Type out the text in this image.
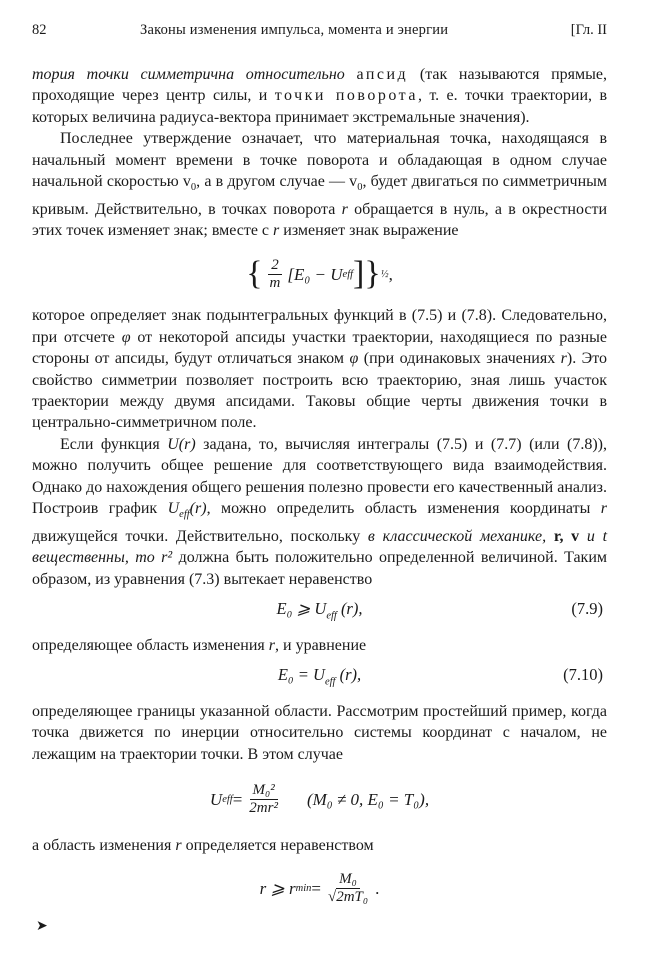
82	Законы изменения импульса, момента и энергии	[Гл. II

тория точки симметрична относительно апсид (так называются прямые, проходящие через центр силы, и точки поворота, т. е. точки траектории, в которых величина радиуса-вектора принимает экстремальные значения).

Последнее утверждение означает, что материальная точка, находящаяся в начальный момент времени в точке поворота и обладающая в одном случае начальной скоростью $v_0$, а в другом случае — $v_0$, будет двигаться по симметричным кривым. Действительно, в точках поворота r обращается в нуль, а в окрестности этих точек изменяет знак; вместе с r изменяет знак выражение

{ $\frac{2}{m} [E_0 - U$ eff ]} ½ ,

которое определяет знак подынтегральных функций в (7.5) и (7.8). Следовательно, при отсчете φ от некоторой апсиды участки траектории, находящиеся по разные стороны от апсиды, будут отличаться знаком φ (при одинаковых значениях r). Это свойство симметрии позволяет построить всю траекторию, зная лишь участок траектории между двумя апсидами. Таковы общие черты движения точки в центрально-симметричном поле.

Если функция U(r) задана, то, вычисляя интегралы (7.5) и (7.7) (или (7.8)), можно получить общее решение для соответствующего вида взаимодействия. Однако до нахождения общего решения полезно провести его качественный анализ. Построив график $U_{eff}(r)$, можно определить область изменения координаты r движущейся точки. Действительно, поскольку в классической механике, r, v и t вещественны, то r² должна быть положительно определенной величиной. Таким образом, из уравнения (7.3) вытекает неравенство

E₀ ⩾ $U_{eff}$ (r),	(7.9)

определяющее область изменения r, и уравнение

$E_0 = U_{eff}$ (r),	(7.10)

определяющее границы указанной области. Рассмотрим простейший пример, когда точка движется по инерции относительно системы координат с началом, не лежащим на траектории точки. В этом случае

U eff = $\frac{\text{M₀²}}{\text{2mr²}} (M_0 \ne 0$, E₀ = T₀),

а область изменения r определяется неравенством

r ⩾ r $\min = \frac{\text{M₀}}{\text{√2mT₀}}$ .
➤
